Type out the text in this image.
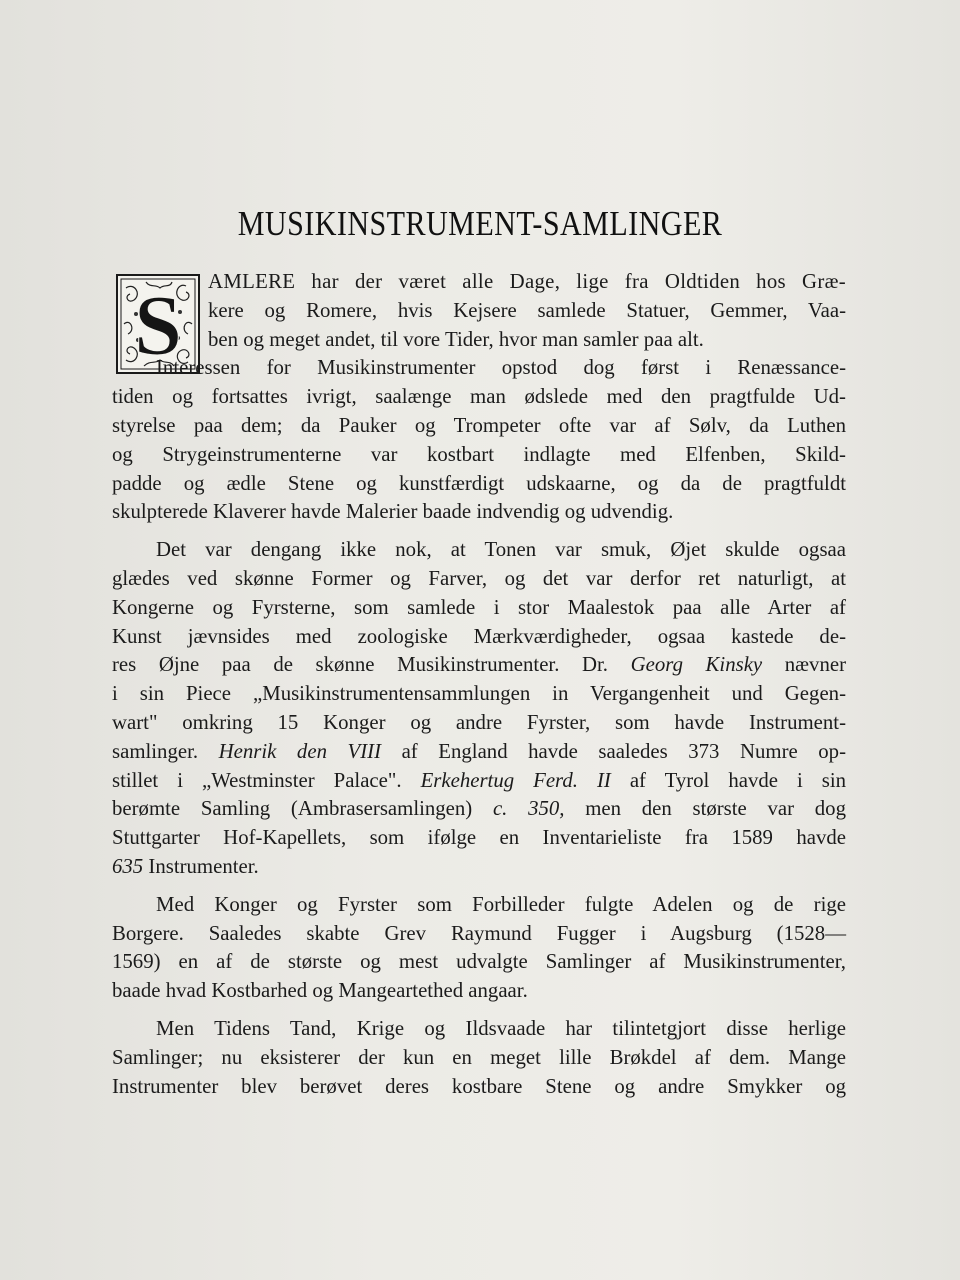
MUSIKINSTRUMENT-SAMLINGER
S	AMLERE har der været alle Dage, lige fra Oldtiden hos Græ-
kere og Romere, hvis Kejsere samlede Statuer, Gemmer, Vaa-
ben og meget andet, til vore Tider, hvor man samler paa alt.
Interessen for Musikinstrumenter opstod dog først i Renæssance-
tiden og fortsattes ivrigt, saalænge man ødslede med den pragtfulde Ud-
styrelse paa dem; da Pauker og Trompeter ofte var af Sølv, da Luthen
og Strygeinstrumenterne var kostbart indlagte med Elfenben, Skild-
padde og ædle Stene og kunstfærdigt udskaarne, og da de pragtfuldt
skulpterede Klaverer havde Malerier baade indvendig og udvendig.
Det var dengang ikke nok, at Tonen var smuk, Øjet skulde ogsaa
glædes ved skønne Former og Farver, og det var derfor ret naturligt, at
Kongerne og Fyrsterne, som samlede i stor Maalestok paa alle Arter af
Kunst jævnsides med zoologiske Mærkværdigheder, ogsaa kastede de-
res Øjne paa de skønne Musikinstrumenter. Dr. Georg Kinsky nævner
i sin Piece „Musikinstrumentensammlungen in Vergangenheit und Gegen-
wart" omkring 15 Konger og andre Fyrster, som havde Instrument-
samlinger. Henrik den VIII af England havde saaledes 373 Numre op-
stillet i „Westminster Palace". Erkehertug Ferd. II af Tyrol havde i sin
berømte Samling (Ambrasersamlingen) c. 350, men den største var dog
Stuttgarter Hof-Kapellets, som ifølge en Inventarieliste fra 1589 havde
635 Instrumenter.
Med Konger og Fyrster som Forbilleder fulgte Adelen og de rige
Borgere. Saaledes skabte Grev Raymund Fugger i Augsburg (1528—
1569) en af de største og mest udvalgte Samlinger af Musikinstrumenter,
baade hvad Kostbarhed og Mangeartethed angaar.
Men Tidens Tand, Krige og Ildsvaade har tilintetgjort disse herlige
Samlinger; nu eksisterer der kun en meget lille Brøkdel af dem. Mange
Instrumenter blev berøvet deres kostbare Stene og andre Smykker og
